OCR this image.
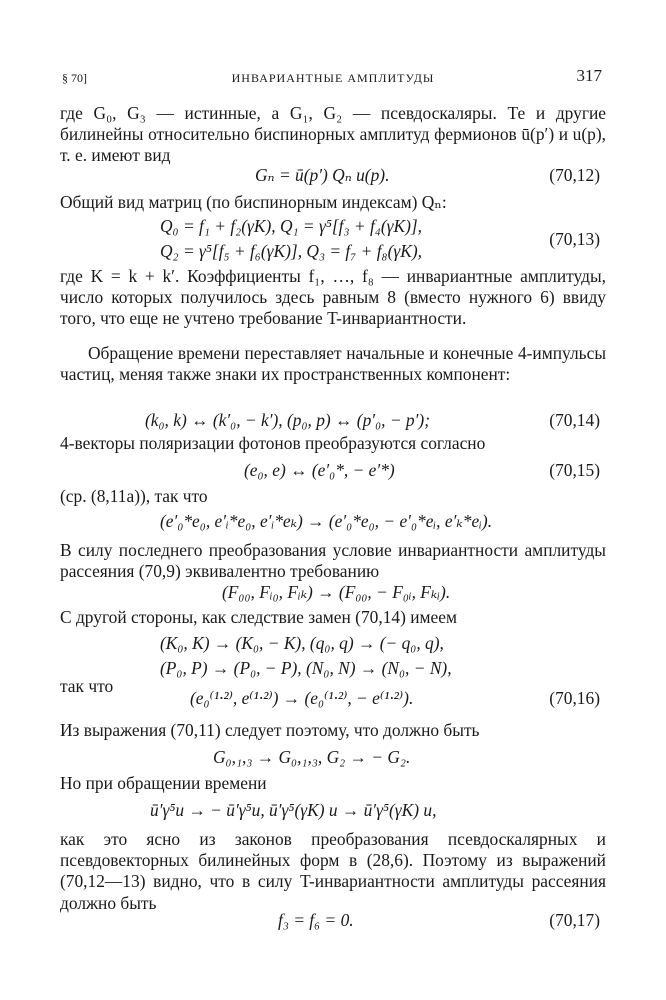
§ 70]	ИНВАРИАНТНЫЕ АМПЛИТУДЫ	317
где G₀, G₃ — истинные, а G₁, G₂ — псевдоскаляры. Те и другие билинейны относительно биспинорных амплитуд фермионов ū(p′) и u(p), т. е. имеют вид
Gₙ = ū(p′) Qₙ u(p).	(70,12)
Общий вид матриц (по биспинорным индексам) Qₙ:
Q₀ = f₁ + f₂(γK), Q₁ = γ⁵[f₃ + f₄(γK)],
Q₂ = γ⁵[f₅ + f₆(γK)], Q₃ = f₇ + f₈(γK),
(70,13)
где K = k + k′. Коэффициенты f₁, …, f₈ — инвариантные амплитуды, число которых получилось здесь равным 8 (вместо нужного 6) ввиду того, что еще не учтено требование T-инвариантности.
Обращение времени переставляет начальные и конечные 4-импульсы частиц, меняя также знаки их пространственных компонент:
(k₀, k) ↔ (k′₀, − k′), (p₀, p) ↔ (p′₀, − p′);	(70,14)
4-векторы поляризации фотонов преобразуются согласно
(e₀, e) ↔ (e′₀*, − e′*)	(70,15)
(ср. (8,11а)), так что
(e′₀*e₀, e′ᵢ*e₀, e′ᵢ*eₖ) → (e′₀*e₀, − e′₀*eᵢ, e′ₖ*eᵢ).
В силу последнего преобразования условие инвариантности амплитуды рассеяния (70,9) эквивалентно требованию
(F₀₀, Fᵢ₀, Fᵢₖ) → (F₀₀, − F₀ᵢ, Fₖᵢ).
С другой стороны, как следствие замен (70,14) имеем
(K₀, K) → (K₀, − K), (q₀, q) → (− q₀, q),
(P₀, P) → (P₀, − P), (N₀, N) → (N₀, − N),
так что
(e₀⁽¹·²⁾, e⁽¹·²⁾) → (e₀⁽¹·²⁾, − e⁽¹·²⁾).	(70,16)
Из выражения (70,11) следует поэтому, что должно быть
G₀,₁,₃ → G₀,₁,₃, G₂ → − G₂.
Но при обращении времени
ū′γ⁵u → − ū′γ⁵u, ū′γ⁵(γK) u → ū′γ⁵(γK) u,
как это ясно из законов преобразования псевдоскалярных и псевдовекторных билинейных форм в (28,6). Поэтому из выражений (70,12—13) видно, что в силу T-инвариантности амплитуды рассеяния должно быть
f₃ = f₆ = 0.	(70,17)
